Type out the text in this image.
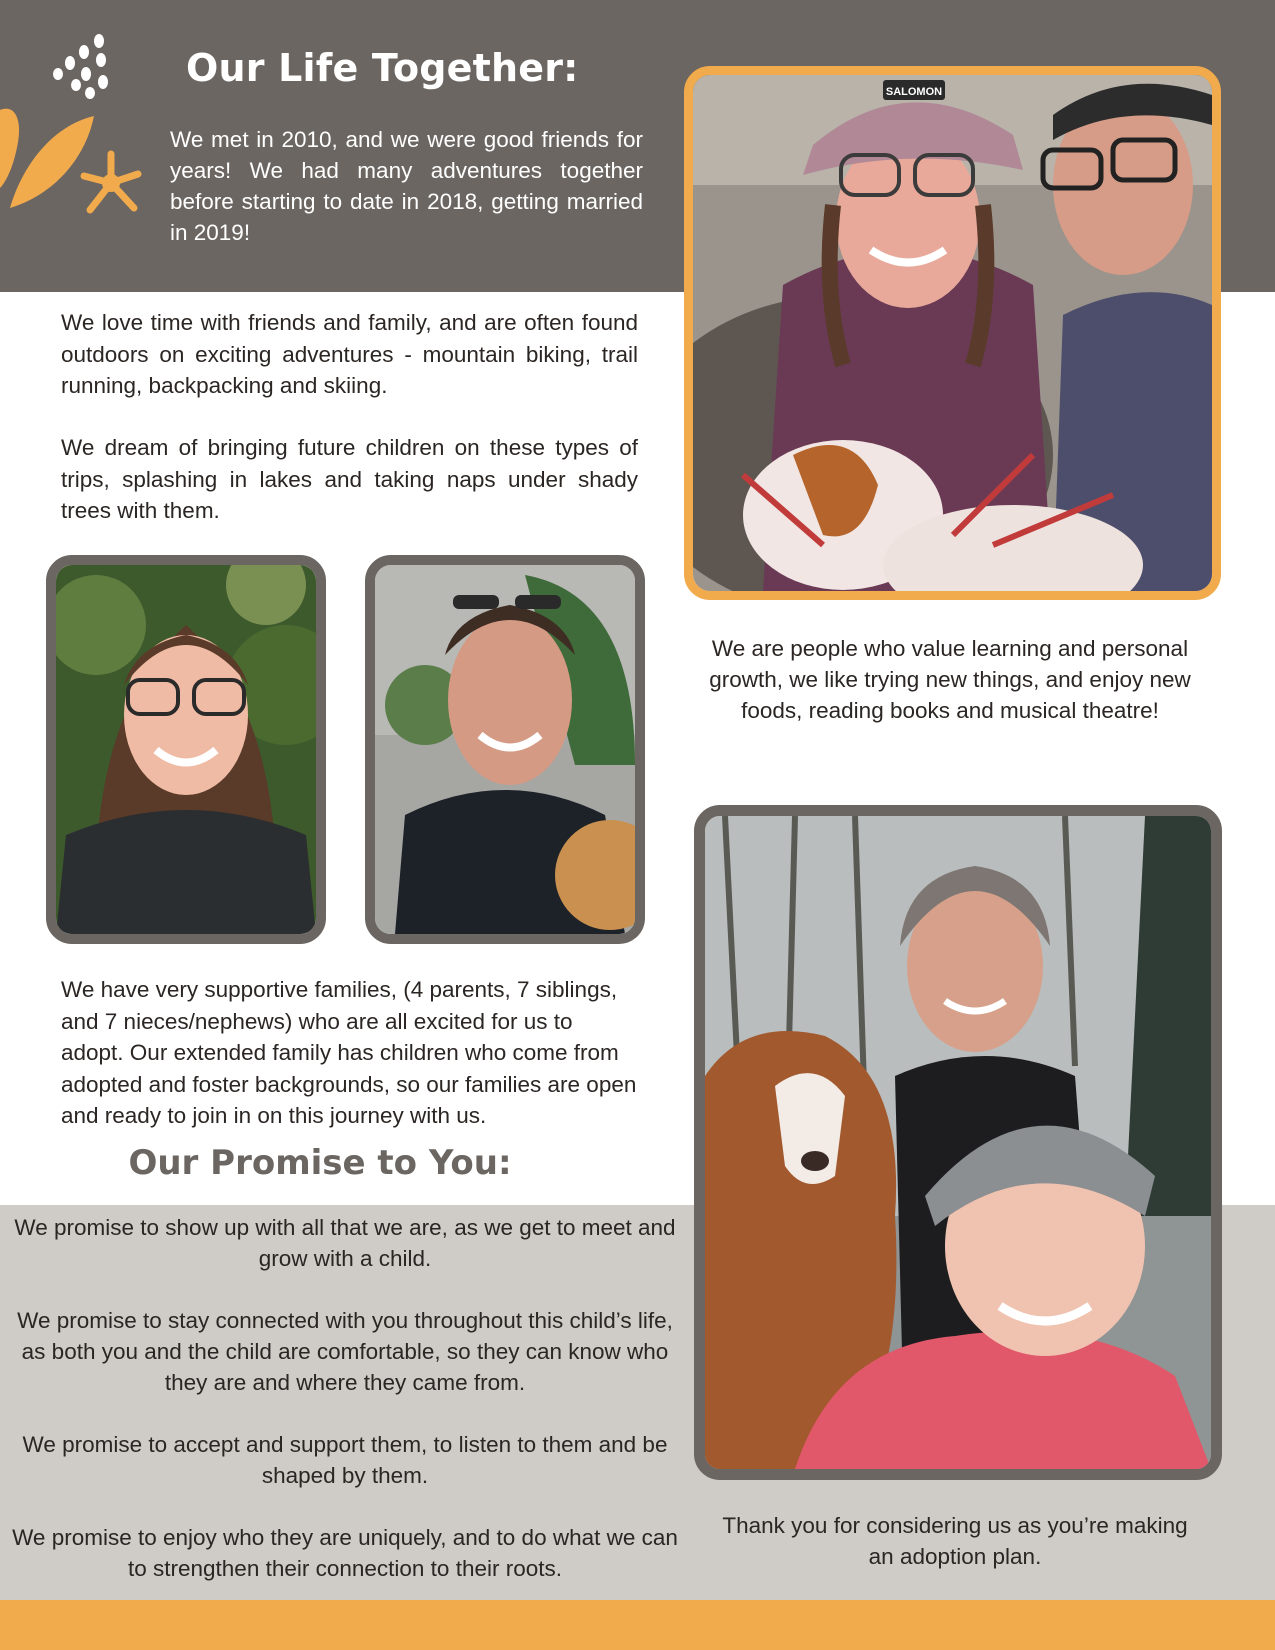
Our Life Together:

We met in 2010, and we were good friends for years! We had many adventures together before starting to date in 2018, getting married in 2019!

We love time with friends and family, and are often found outdoors on exciting adventures - mountain biking, trail running, backpacking and skiing.

We dream of bringing future children on these types of trips, splashing in lakes and taking naps under shady trees with them.

We have very supportive families, (4 parents, 7 siblings, and 7 nieces/nephews) who are all excited for us to adopt. Our extended family has children who come from adopted and foster backgrounds, so our families are open and ready to join in on this journey with us.

We are people who value learning and personal growth, we like trying new things, and enjoy new foods, reading books and musical theatre!

Our Promise to You:

We promise to show up with all that we are, as we get to meet and grow with a child.

We promise to stay connected with you throughout this child’s life, as both you and the child are comfortable, so they can know who they are and where they came from.

We promise to accept and support them, to listen to them and be shaped by them.

We promise to enjoy who they are uniquely, and to do what we can to strengthen their connection to their roots.

Thank you for considering us as you’re making an adoption plan.

SALOMON
